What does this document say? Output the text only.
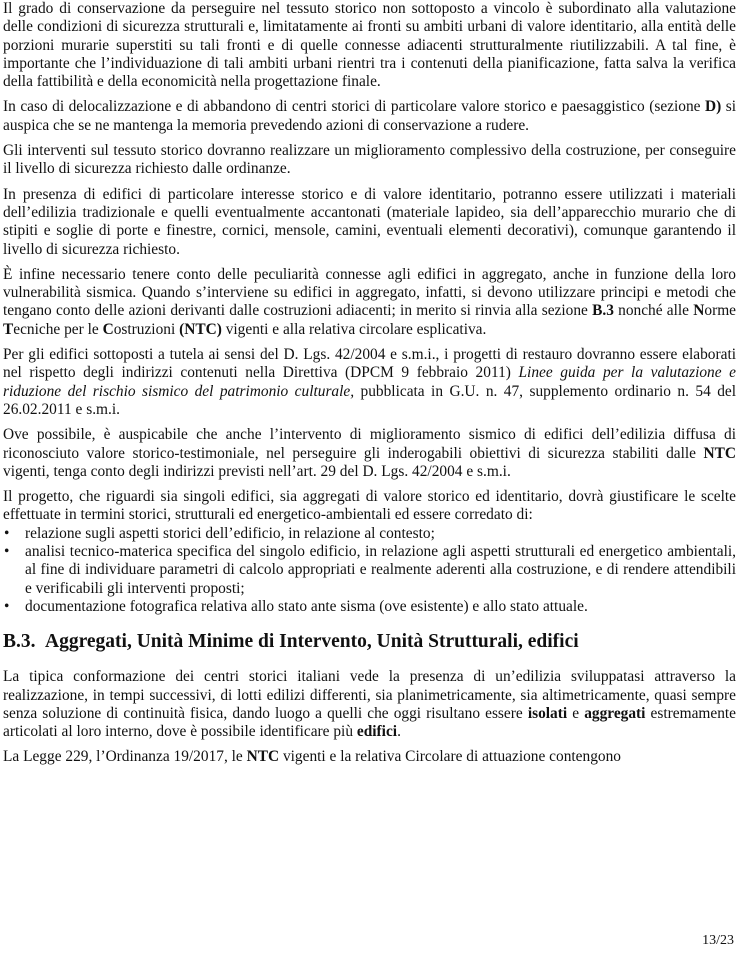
Il grado di conservazione da perseguire nel tessuto storico non sottoposto a vincolo è subordinato alla valutazione delle condizioni di sicurezza strutturali e, limitatamente ai fronti su ambiti urbani di valore identitario, alla entità delle porzioni murarie superstiti su tali fronti e di quelle connesse adiacenti strutturalmente riutilizzabili. A tal fine, è importante che l’individuazione di tali ambiti urbani rientri tra i contenuti della pianificazione, fatta salva la verifica della fattibilità e della economicità nella progettazione finale.

In caso di delocalizzazione e di abbandono di centri storici di particolare valore storico e paesaggistico (sezione D) si auspica che se ne mantenga la memoria prevedendo azioni di conservazione a rudere.

Gli interventi sul tessuto storico dovranno realizzare un miglioramento complessivo della costruzione, per conseguire il livello di sicurezza richiesto dalle ordinanze.

In presenza di edifici di particolare interesse storico e di valore identitario, potranno essere utilizzati i materiali dell’edilizia tradizionale e quelli eventualmente accantonati (materiale lapideo, sia dell’apparecchio murario che di stipiti e soglie di porte e finestre, cornici, mensole, camini, eventuali elementi decorativi), comunque garantendo il livello di sicurezza richiesto.

È infine necessario tenere conto delle peculiarità connesse agli edifici in aggregato, anche in funzione della loro vulnerabilità sismica. Quando s’interviene su edifici in aggregato, infatti, si devono utilizzare principi e metodi che tengano conto delle azioni derivanti dalle costruzioni adiacenti; in merito si rinvia alla sezione B.3 nonché alle Norme Tecniche per le Costruzioni (NTC) vigenti e alla relativa circolare esplicativa.

Per gli edifici sottoposti a tutela ai sensi del D. Lgs. 42/2004 e s.m.i., i progetti di restauro dovranno essere elaborati nel rispetto degli indirizzi contenuti nella Direttiva (DPCM 9 febbraio 2011) Linee guida per la valutazione e riduzione del rischio sismico del patrimonio culturale, pubblicata in G.U. n. 47, supplemento ordinario n. 54 del 26.02.2011 e s.m.i.

Ove possibile, è auspicabile che anche l’intervento di miglioramento sismico di edifici dell’edilizia diffusa di riconosciuto valore storico-testimoniale, nel perseguire gli inderogabili obiettivi di sicurezza stabiliti dalle NTC vigenti, tenga conto degli indirizzi previsti nell’art. 29 del D. Lgs. 42/2004 e s.m.i.

Il progetto, che riguardi sia singoli edifici, sia aggregati di valore storico ed identitario, dovrà giustificare le scelte effettuate in termini storici, strutturali ed energetico-ambientali ed essere corredato di:

• relazione sugli aspetti storici dell’edificio, in relazione al contesto;
• analisi tecnico-materica specifica del singolo edificio, in relazione agli aspetti strutturali ed energetico ambientali, al fine di individuare parametri di calcolo appropriati e realmente aderenti alla costruzione, e di rendere attendibili e verificabili gli interventi proposti;
• documentazione fotografica relativa allo stato ante sisma (ove esistente) e allo stato attuale.
B.3. Aggregati, Unità Minime di Intervento, Unità Strutturali, edifici

La tipica conformazione dei centri storici italiani vede la presenza di un’edilizia sviluppatasi attraverso la realizzazione, in tempi successivi, di lotti edilizi differenti, sia planimetricamente, sia altimetricamente, quasi sempre senza soluzione di continuità fisica, dando luogo a quelli che oggi risultano essere isolati e aggregati estremamente articolati al loro interno, dove è possibile identificare più edifici.

La Legge 229, l’Ordinanza 19/2017, le NTC vigenti e la relativa Circolare di attuazione contengono

13/23
